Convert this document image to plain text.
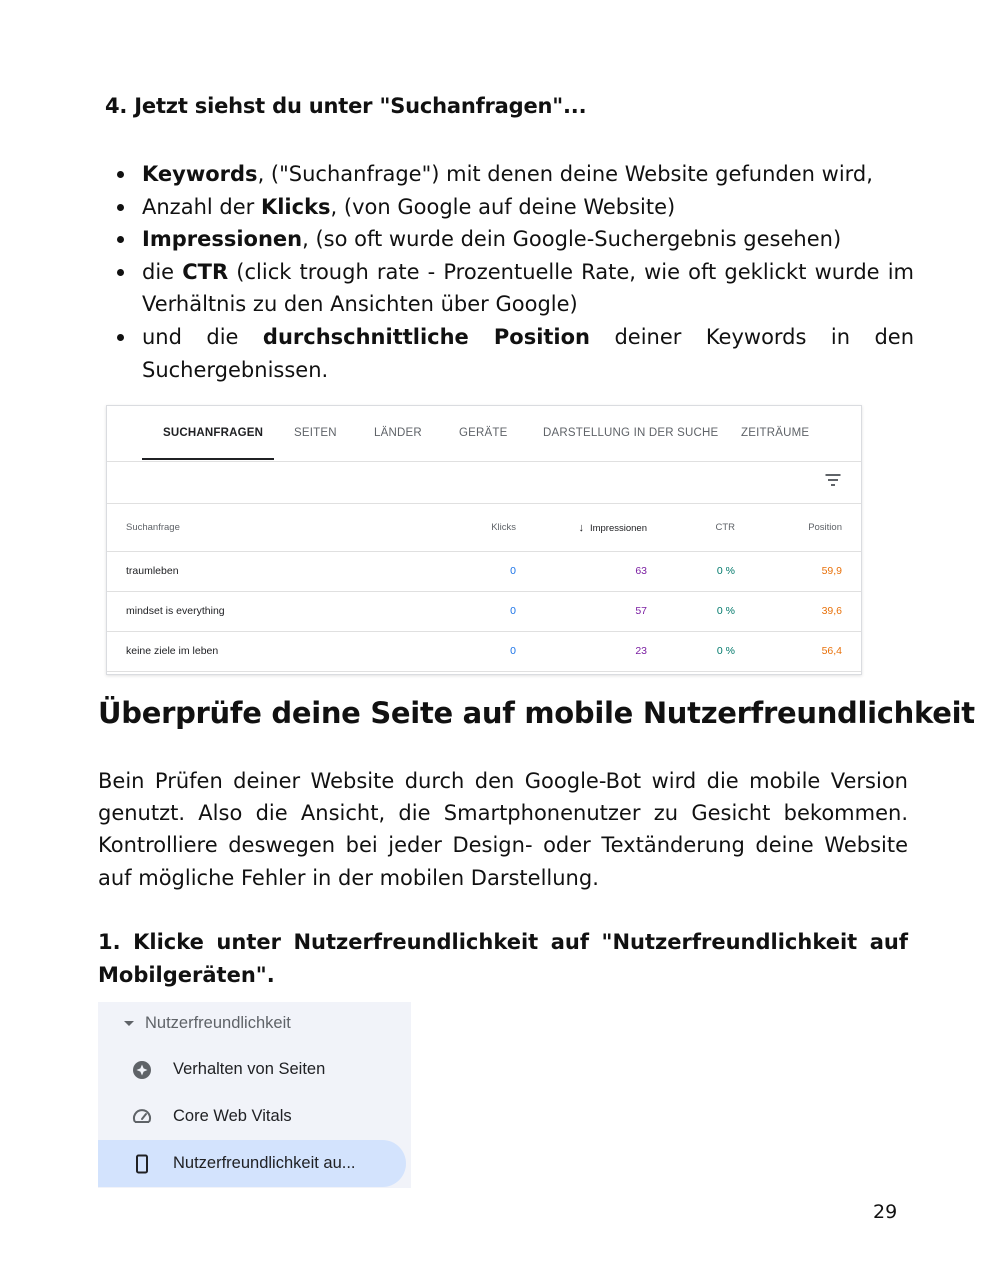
4. Jetzt siehst du unter "Suchanfragen"...
Keywords, ("Suchanfrage") mit denen deine Website gefunden wird,
Anzahl der Klicks, (von Google auf deine Website)
Impressionen, (so oft wurde dein Google-Suchergebnis gesehen)
die CTR (click trough rate - Prozentuelle Rate, wie oft geklickt wurde im Verhältnis zu den Ansichten über Google)
und die durchschnittliche Position deiner Keywords in den Suchergebnissen.
SUCHANFRAGEN	SEITEN	LÄNDER	GERÄTE	DARSTELLUNG IN DER SUCHE ZEITRÄUME
Suchanfrage	Klicks	↓ Impressionen	CTR	Position
traumleben	0	63	0 %	59,9
mindset is everything	0	57	0 %	39,6
keine ziele im leben	0	23	0 %	56,4
Überprüfe deine Seite auf mobile Nutzerfreundlichkeit

Bein Prüfen deiner Website durch den Google-Bot wird die mobile Version genutzt. Also die Ansicht, die Smartphonenutzer zu Gesicht bekommen. Kontrolliere deswegen bei jeder Design- oder Textänderung deine Website auf mögliche Fehler in der mobilen Darstellung.

1. Klicke unter Nutzerfreundlichkeit auf "Nutzerfreundlichkeit auf Mobilgeräten".

Nutzerfreundlichkeit
Verhalten von Seiten
Core Web Vitals
Nutzerfreundlichkeit au...
29
